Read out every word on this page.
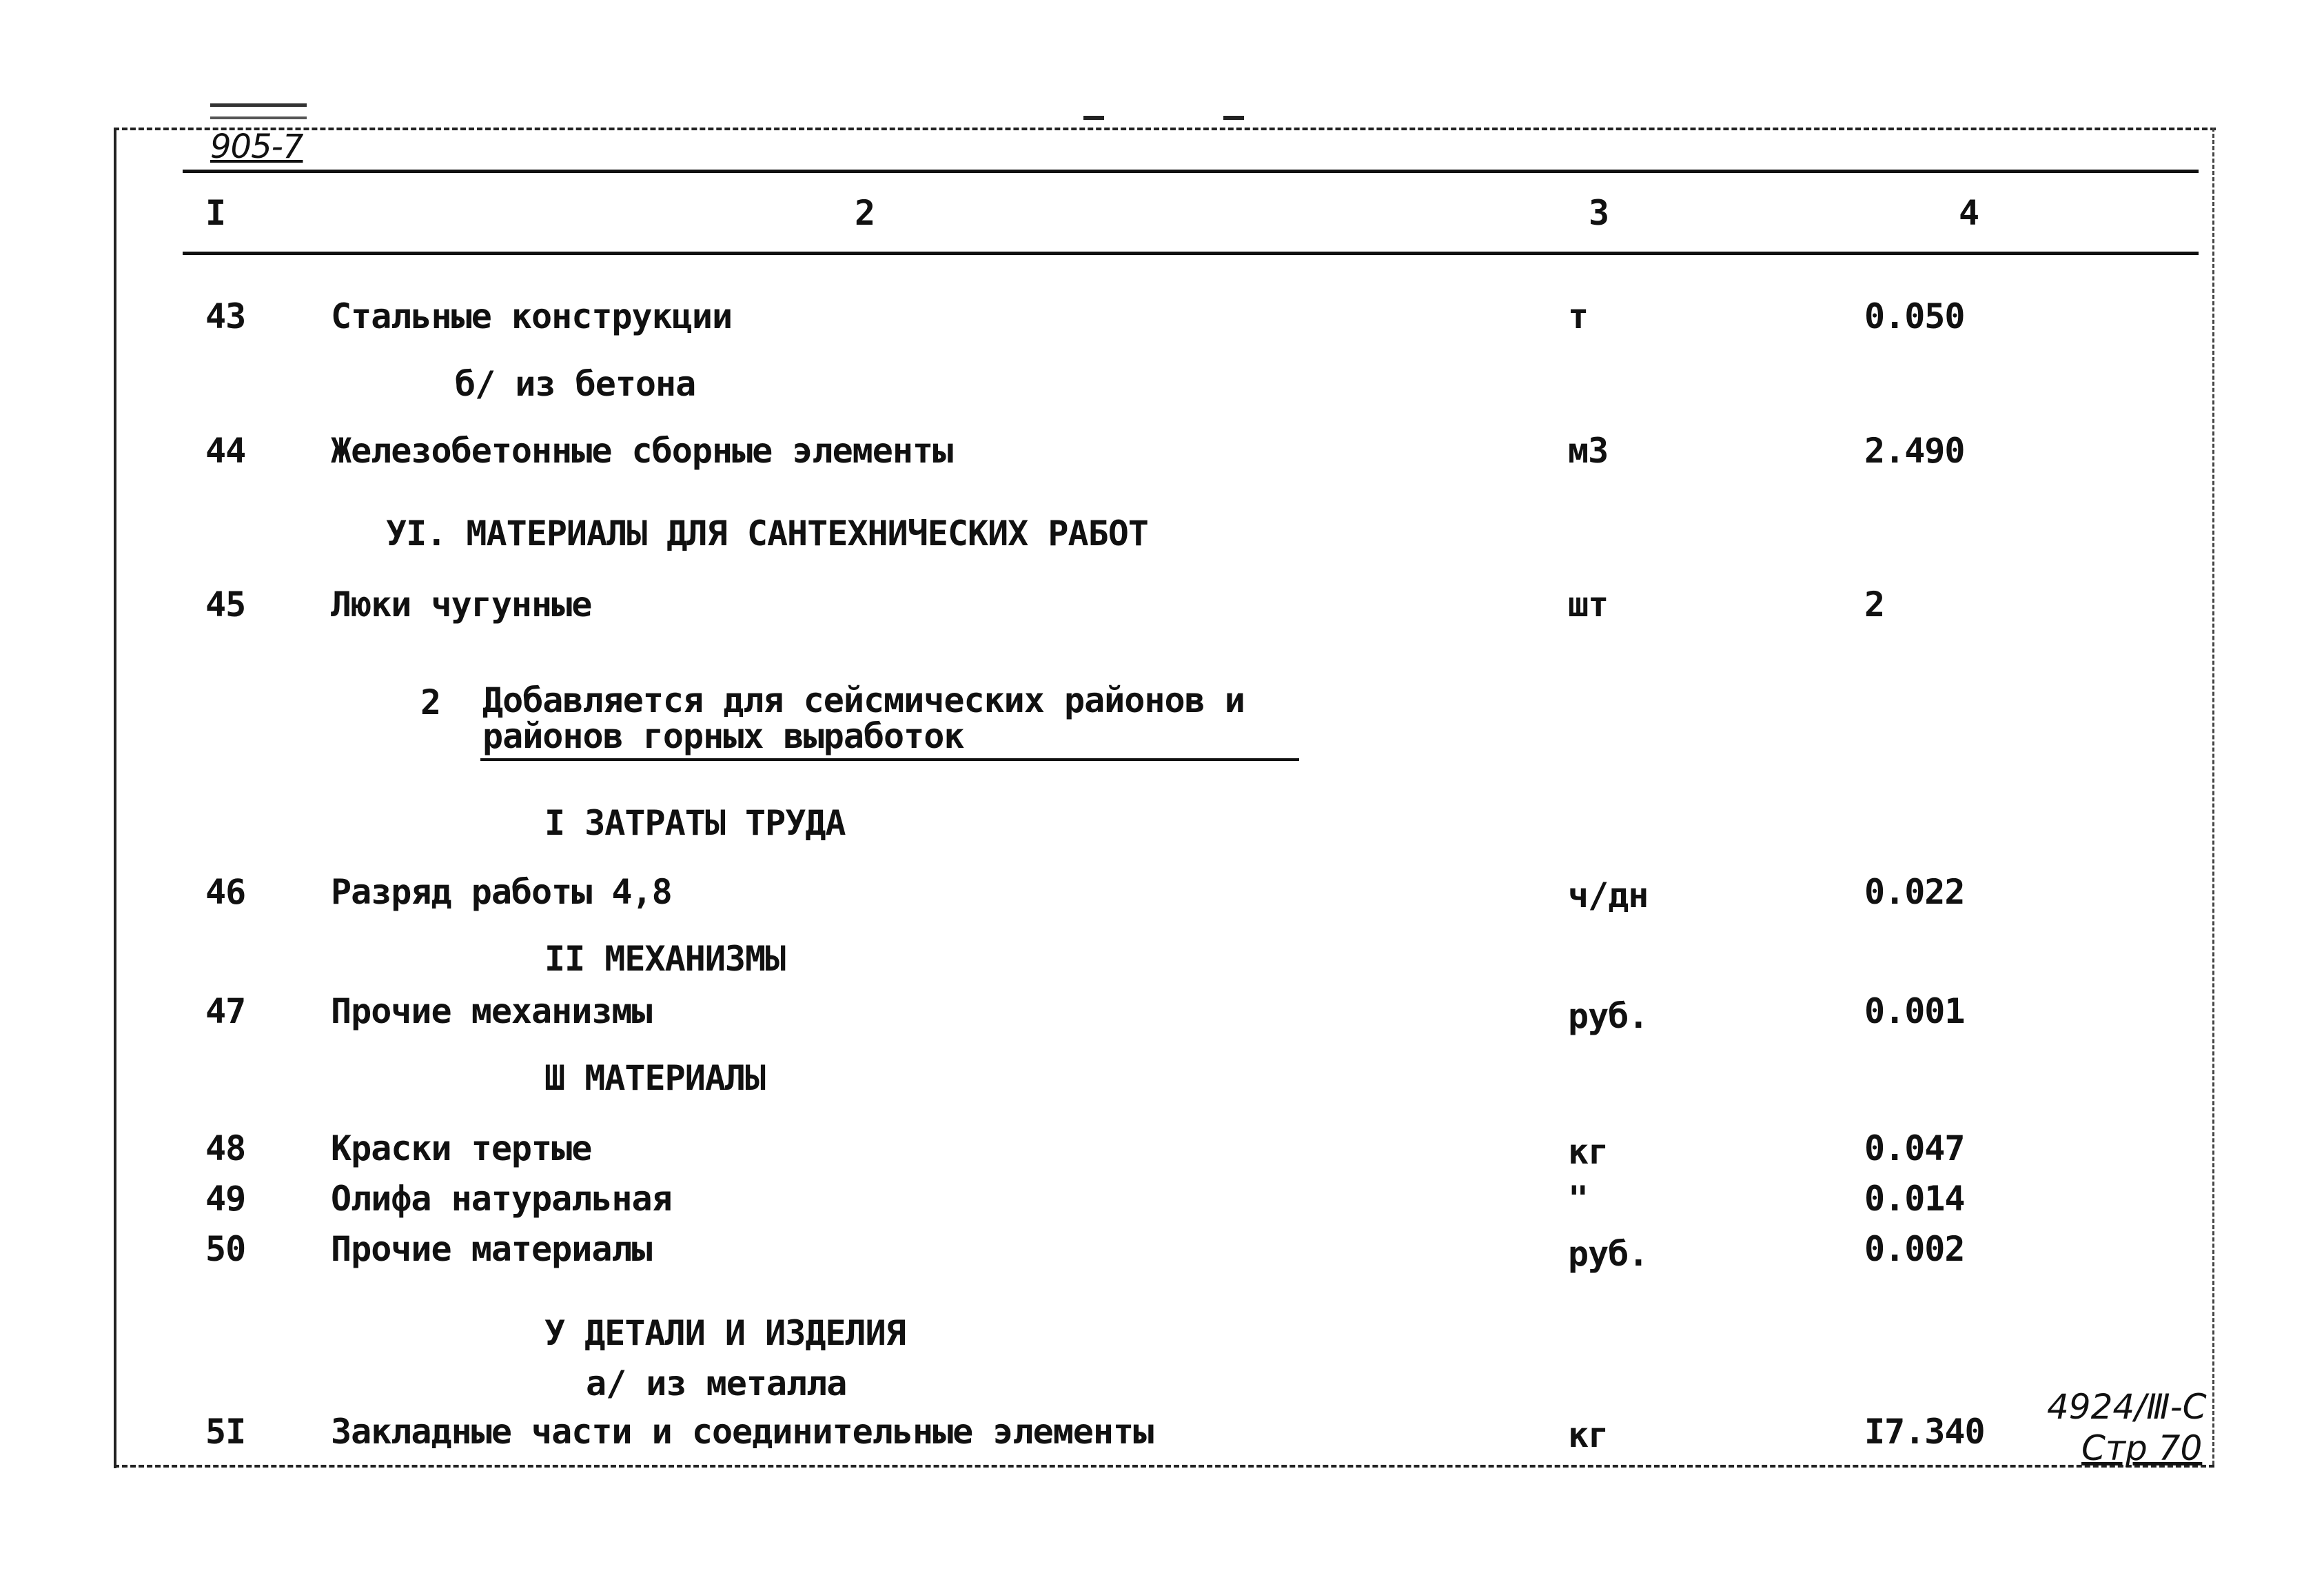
905-7
I	2	3	4
43 Стальные конструкции	т	0.050
б/ из бетона
44 Железобетонные сборные элементы	м3	2.490
УI. МАТЕРИАЛЫ ДЛЯ САНТЕХНИЧЕСКИХ РАБОТ
45 Люки чугунные	шт	2
2 Добавляется для сейсмических районов и
районов горных выработок
I ЗАТРАТЫ ТРУДА
46 Разряд работы 4,8	ч/дн	0.022
II МЕХАНИЗМЫ
47 Прочие механизмы	руб.	0.001
Ш МАТЕРИАЛЫ
48 Краски тертые	кг	0.047
49 Олифа натуральная	"	0.014
50 Прочие материалы	руб.	0.002
У ДЕТАЛИ И ИЗДЕЛИЯ
а/ из металла
5I Закладные части и соединительные элементы	кг	I7.340
4924/Ⅲ-С
Стр 70
